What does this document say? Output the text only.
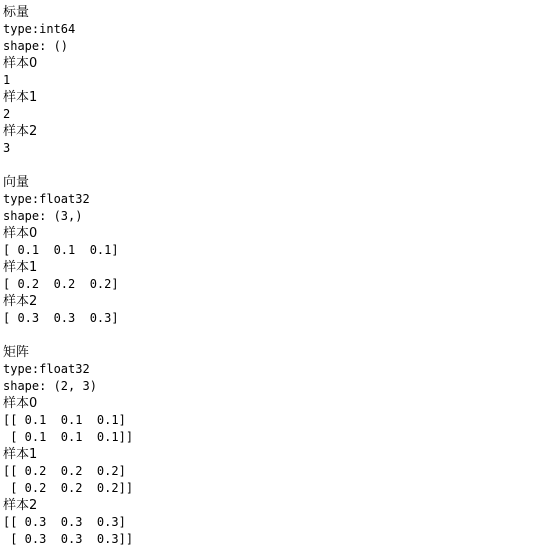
标量
type:int64
shape: ()
样本0
1
样本1
2
样本2
3
向量
type:float32
shape: (3,)
样本0
[ 0.1  0.1  0.1]
样本1
[ 0.2  0.2  0.2]
样本2
[ 0.3  0.3  0.3]
矩阵
type:float32
shape: (2, 3)
样本0
[[ 0.1  0.1  0.1]
[ 0.1  0.1  0.1]]
样本1
[[ 0.2  0.2  0.2]
[ 0.2  0.2  0.2]]
样本2
[[ 0.3  0.3  0.3]
[ 0.3  0.3  0.3]]
